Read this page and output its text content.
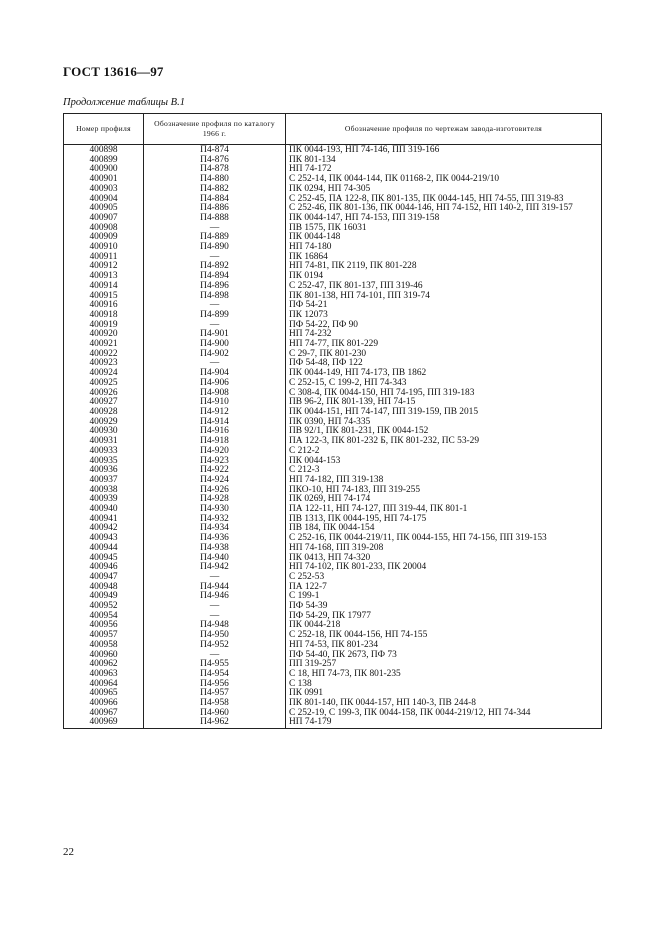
ГОСТ 13616—97
Продолжение таблицы В.1
Номер профиля	Обозначение профиля по каталогу 1966 г.	Обозначение профиля по чертежам завода-изготовителя
400898	П4-874	ПК 0044-193, НП 74-146, ПП 319-166
400899	П4-876	ПК 801-134
400900	П4-878	НП 74-172
400901	П4-880	С 252-14, ПК 0044-144, ПК 01168-2, ПК 0044-219/10
400903	П4-882	ПК 0294, НП 74-305
400904	П4-884	С 252-45, ПА 122-8, ПК 801-135, ПК 0044-145, НП 74-55, ПП 319-83
400905	П4-886	С 252-46, ПК 801-136, ПК 0044-146, НП 74-152, НП 140-2, ПП 319-157
400907	П4-888	ПК 0044-147, НП 74-153, ПП 319-158
400908	—	ПВ 1575, ПК 16031
400909	П4-889	ПК 0044-148
400910	П4-890	НП 74-180
400911	—	ПК 16864
400912	П4-892	НП 74-81, ПК 2119, ПК 801-228
400913	П4-894	ПК 0194
400914	П4-896	С 252-47, ПК 801-137, ПП 319-46
400915	П4-898	ПК 801-138, НП 74-101, ПП 319-74
400916	—	ПФ 54-21
400918	П4-899	ПК 12073
400919	—	ПФ 54-22, ПФ 90
400920	П4-901	НП 74-232
400921	П4-900	НП 74-77, ПК 801-229
400922	П4-902	С 29-7, ПК 801-230
400923	—	ПФ 54-48, ПФ 122
400924	П4-904	ПК 0044-149, НП 74-173, ПВ 1862
400925	П4-906	С 252-15, С 199-2, НП 74-343
400926	П4-908	С 308-4, ПК 0044-150, НП 74-195, ПП 319-183
400927	П4-910	ПВ 96-2, ПК 801-139, НП 74-15
400928	П4-912	ПК 0044-151, НП 74-147, ПП 319-159, ПВ 2015
400929	П4-914	ПК 0390, НП 74-335
400930	П4-916	ПВ 92/1, ПК 801-231, ПК 0044-152
400931	П4-918	ПА 122-3, ПК 801-232 Б, ПК 801-232, ПС 53-29
400933	П4-920	С 212-2
400935	П4-923	ПК 0044-153
400936	П4-922	С 212-3
400937	П4-924	НП 74-182, ПП 319-138
400938	П4-926	ПКО-10, НП 74-183, ПП 319-255
400939	П4-928	ПК 0269, НП 74-174
400940	П4-930	ПА 122-11, НП 74-127, ПП 319-44, ПК 801-1
400941	П4-932	ПВ 1313, ПК 0044-195, НП 74-175
400942	П4-934	ПВ 184, ПК 0044-154
400943	П4-936	С 252-16, ПК 0044-219/11, ПК 0044-155, НП 74-156, ПП 319-153
400944	П4-938	НП 74-168, ПП 319-208
400945	П4-940	ПК 0413, НП 74-320
400946	П4-942	НП 74-102, ПК 801-233, ПК 20004
400947	—	С 252-53
400948	П4-944	ПА 122-7
400949	П4-946	С 199-1
400952	—	ПФ 54-39
400954	—	ПФ 54-29, ПК 17977
400956	П4-948	ПК 0044-218
400957	П4-950	С 252-18, ПК 0044-156, НП 74-155
400958	П4-952	НП 74-53, ПК 801-234
400960	—	ПФ 54-40, ПК 2673, ПФ 73
400962	П4-955	ПП 319-257
400963	П4-954	С 18, НП 74-73, ПК 801-235
400964	П4-956	С 138
400965	П4-957	ПК 0991
400966	П4-958	ПК 801-140, ПК 0044-157, НП 140-3, ПВ 244-8
400967	П4-960	С 252-19, С 199-3, ПК 0044-158, ПК 0044-219/12, НП 74-344
400969	П4-962	НП 74-179
22
